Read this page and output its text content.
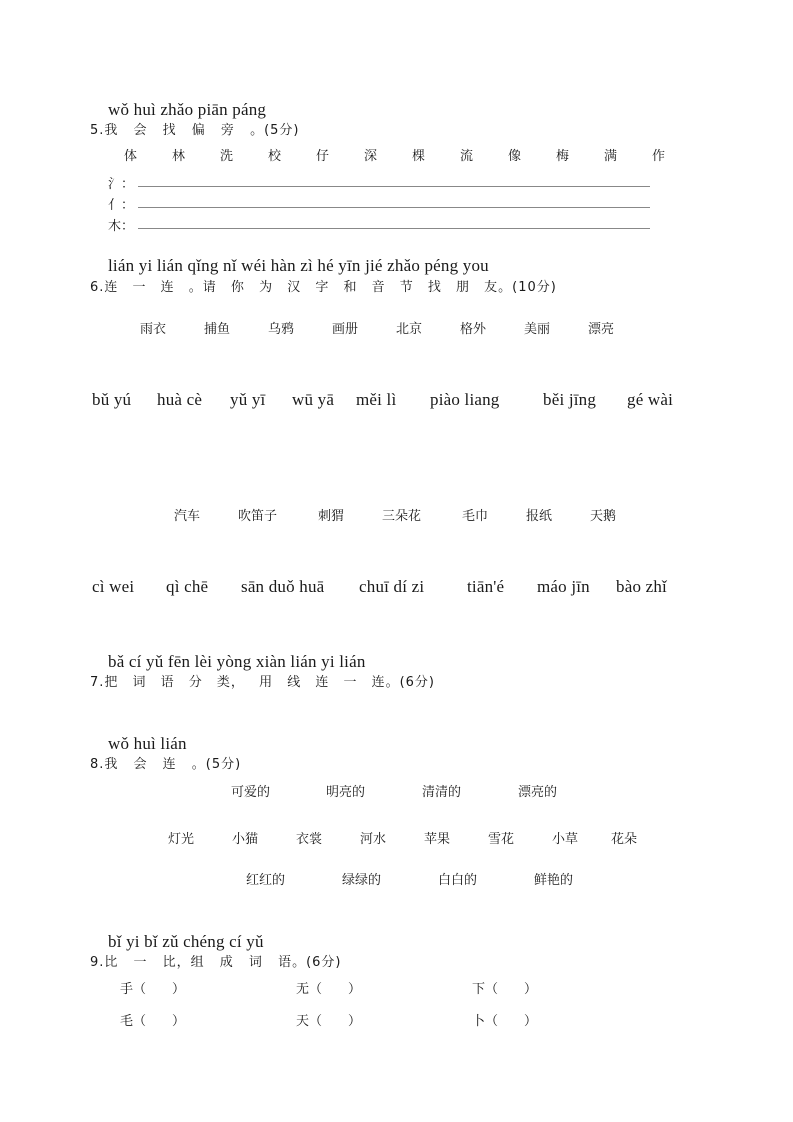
wǒ huì zhǎo piān páng
5.我 会 找 偏 旁 。(5分)
体	林	洗	校	仔	深	棵	流	像	梅	满	作
氵：
亻：
木：
lián yi lián qǐng nǐ wéi hàn zì hé yīn jié zhǎo péng you
6.连 一 连 。请 你 为 汉 字 和 音 节 找 朋 友。(10分)
雨衣	捕鱼	乌鸦	画册	北京	格外	美丽	漂亮
bǔ yú huà cè yǔ yī wū yā měi lì piào liang	běi jīng gé wài
汽车	吹笛子	刺猬	三朵花	毛巾	报纸	天鹅
cì wei qì chē sān duǒ huā chuī dí zi	tiān'é máo jīn bào zhǐ
bǎ cí yǔ fēn lèi yòng xiàn lián yi lián
7.把 词 语 分 类， 用 线 连 一 连。(6分)
wǒ huì lián
8.我 会 连 。(5分)
可爱的	明亮的	清清的	漂亮的
灯光	小猫	衣裳	河水	苹果	雪花	小草	花朵
红红的	绿绿的	白白的	鲜艳的
bǐ yi bǐ zǔ chéng cí yǔ
9.比 一 比，组 成 词 语。(6分)
手（　　）	无（　　）	下（　　）
毛（　　）	天（　　）	卜（　　）
